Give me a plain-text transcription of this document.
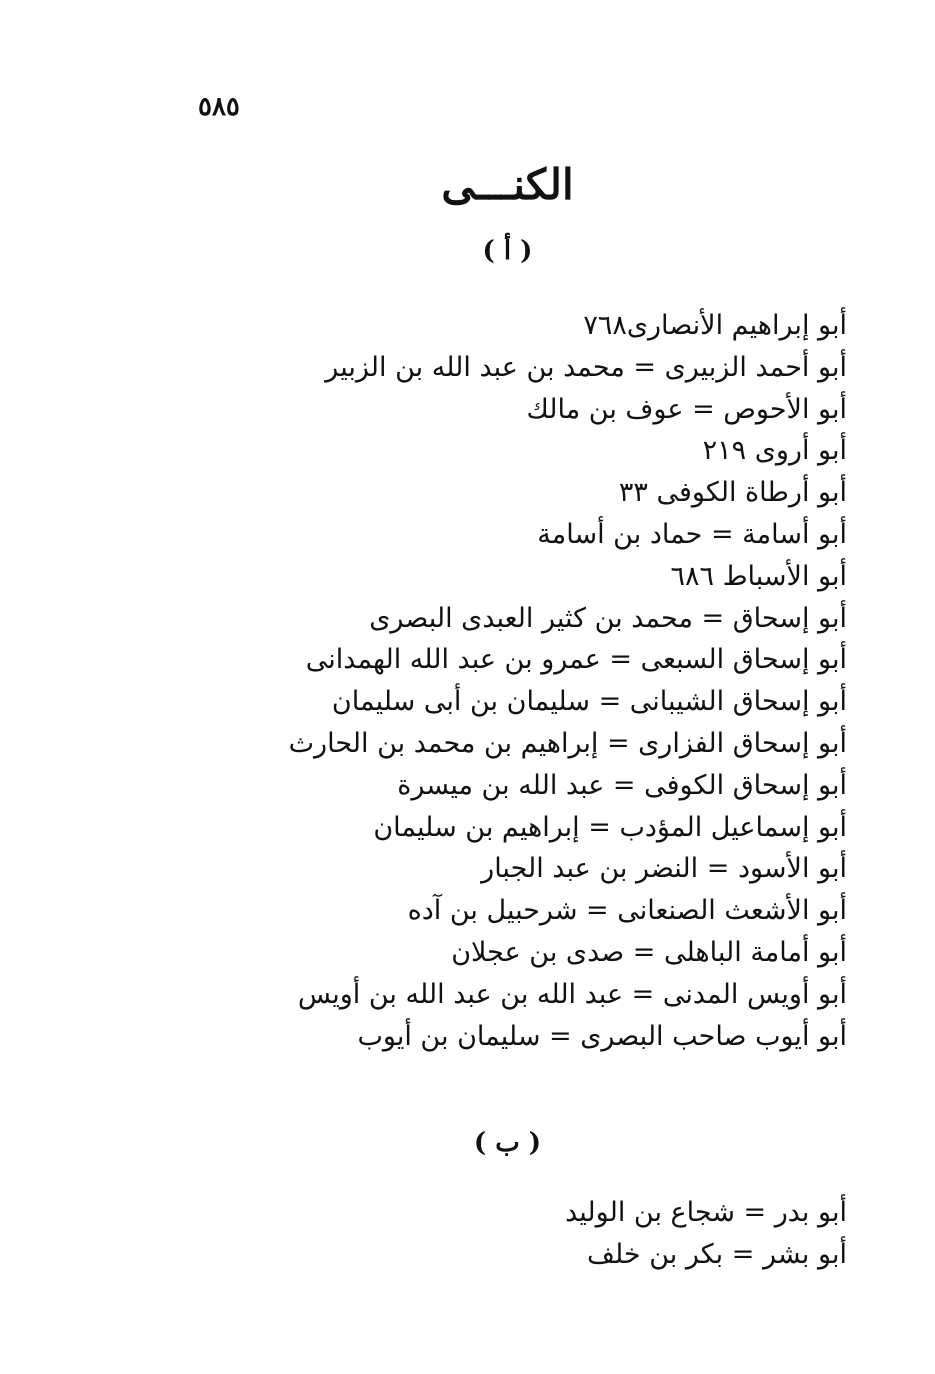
٥٨٥
الكنـــى
( أ )
أبو إبراهيم الأنصارى٧٦٨
أبو أحمد الزبيرى = محمد بن عبد الله بن الزبير
أبو الأحوص = عوف بن مالك
أبو أروى ٢١٩
أبو أرطاة الكوفى ٣٣
أبو أسامة = حماد بن أسامة
أبو الأسباط ٦٨٦
أبو إسحاق = محمد بن كثير العبدى البصرى
أبو إسحاق السبعى = عمرو بن عبد الله الهمدانى
أبو إسحاق الشيبانى = سليمان بن أبى سليمان
أبو إسحاق الفزارى = إبراهيم بن محمد بن الحارث
أبو إسحاق الكوفى = عبد الله بن ميسرة
أبو إسماعيل المؤدب = إبراهيم بن سليمان
أبو الأسود = النضر بن عبد الجبار
أبو الأشعث الصنعانى = شرحبيل بن آده
أبو أمامة الباهلى = صدى بن عجلان
أبو أويس المدنى = عبد الله بن عبد الله بن أويس
أبو أيوب صاحب البصرى = سليمان بن أيوب
( ب )
أبو بدر = شجاع بن الوليد
أبو بشر = بكر بن خلف
